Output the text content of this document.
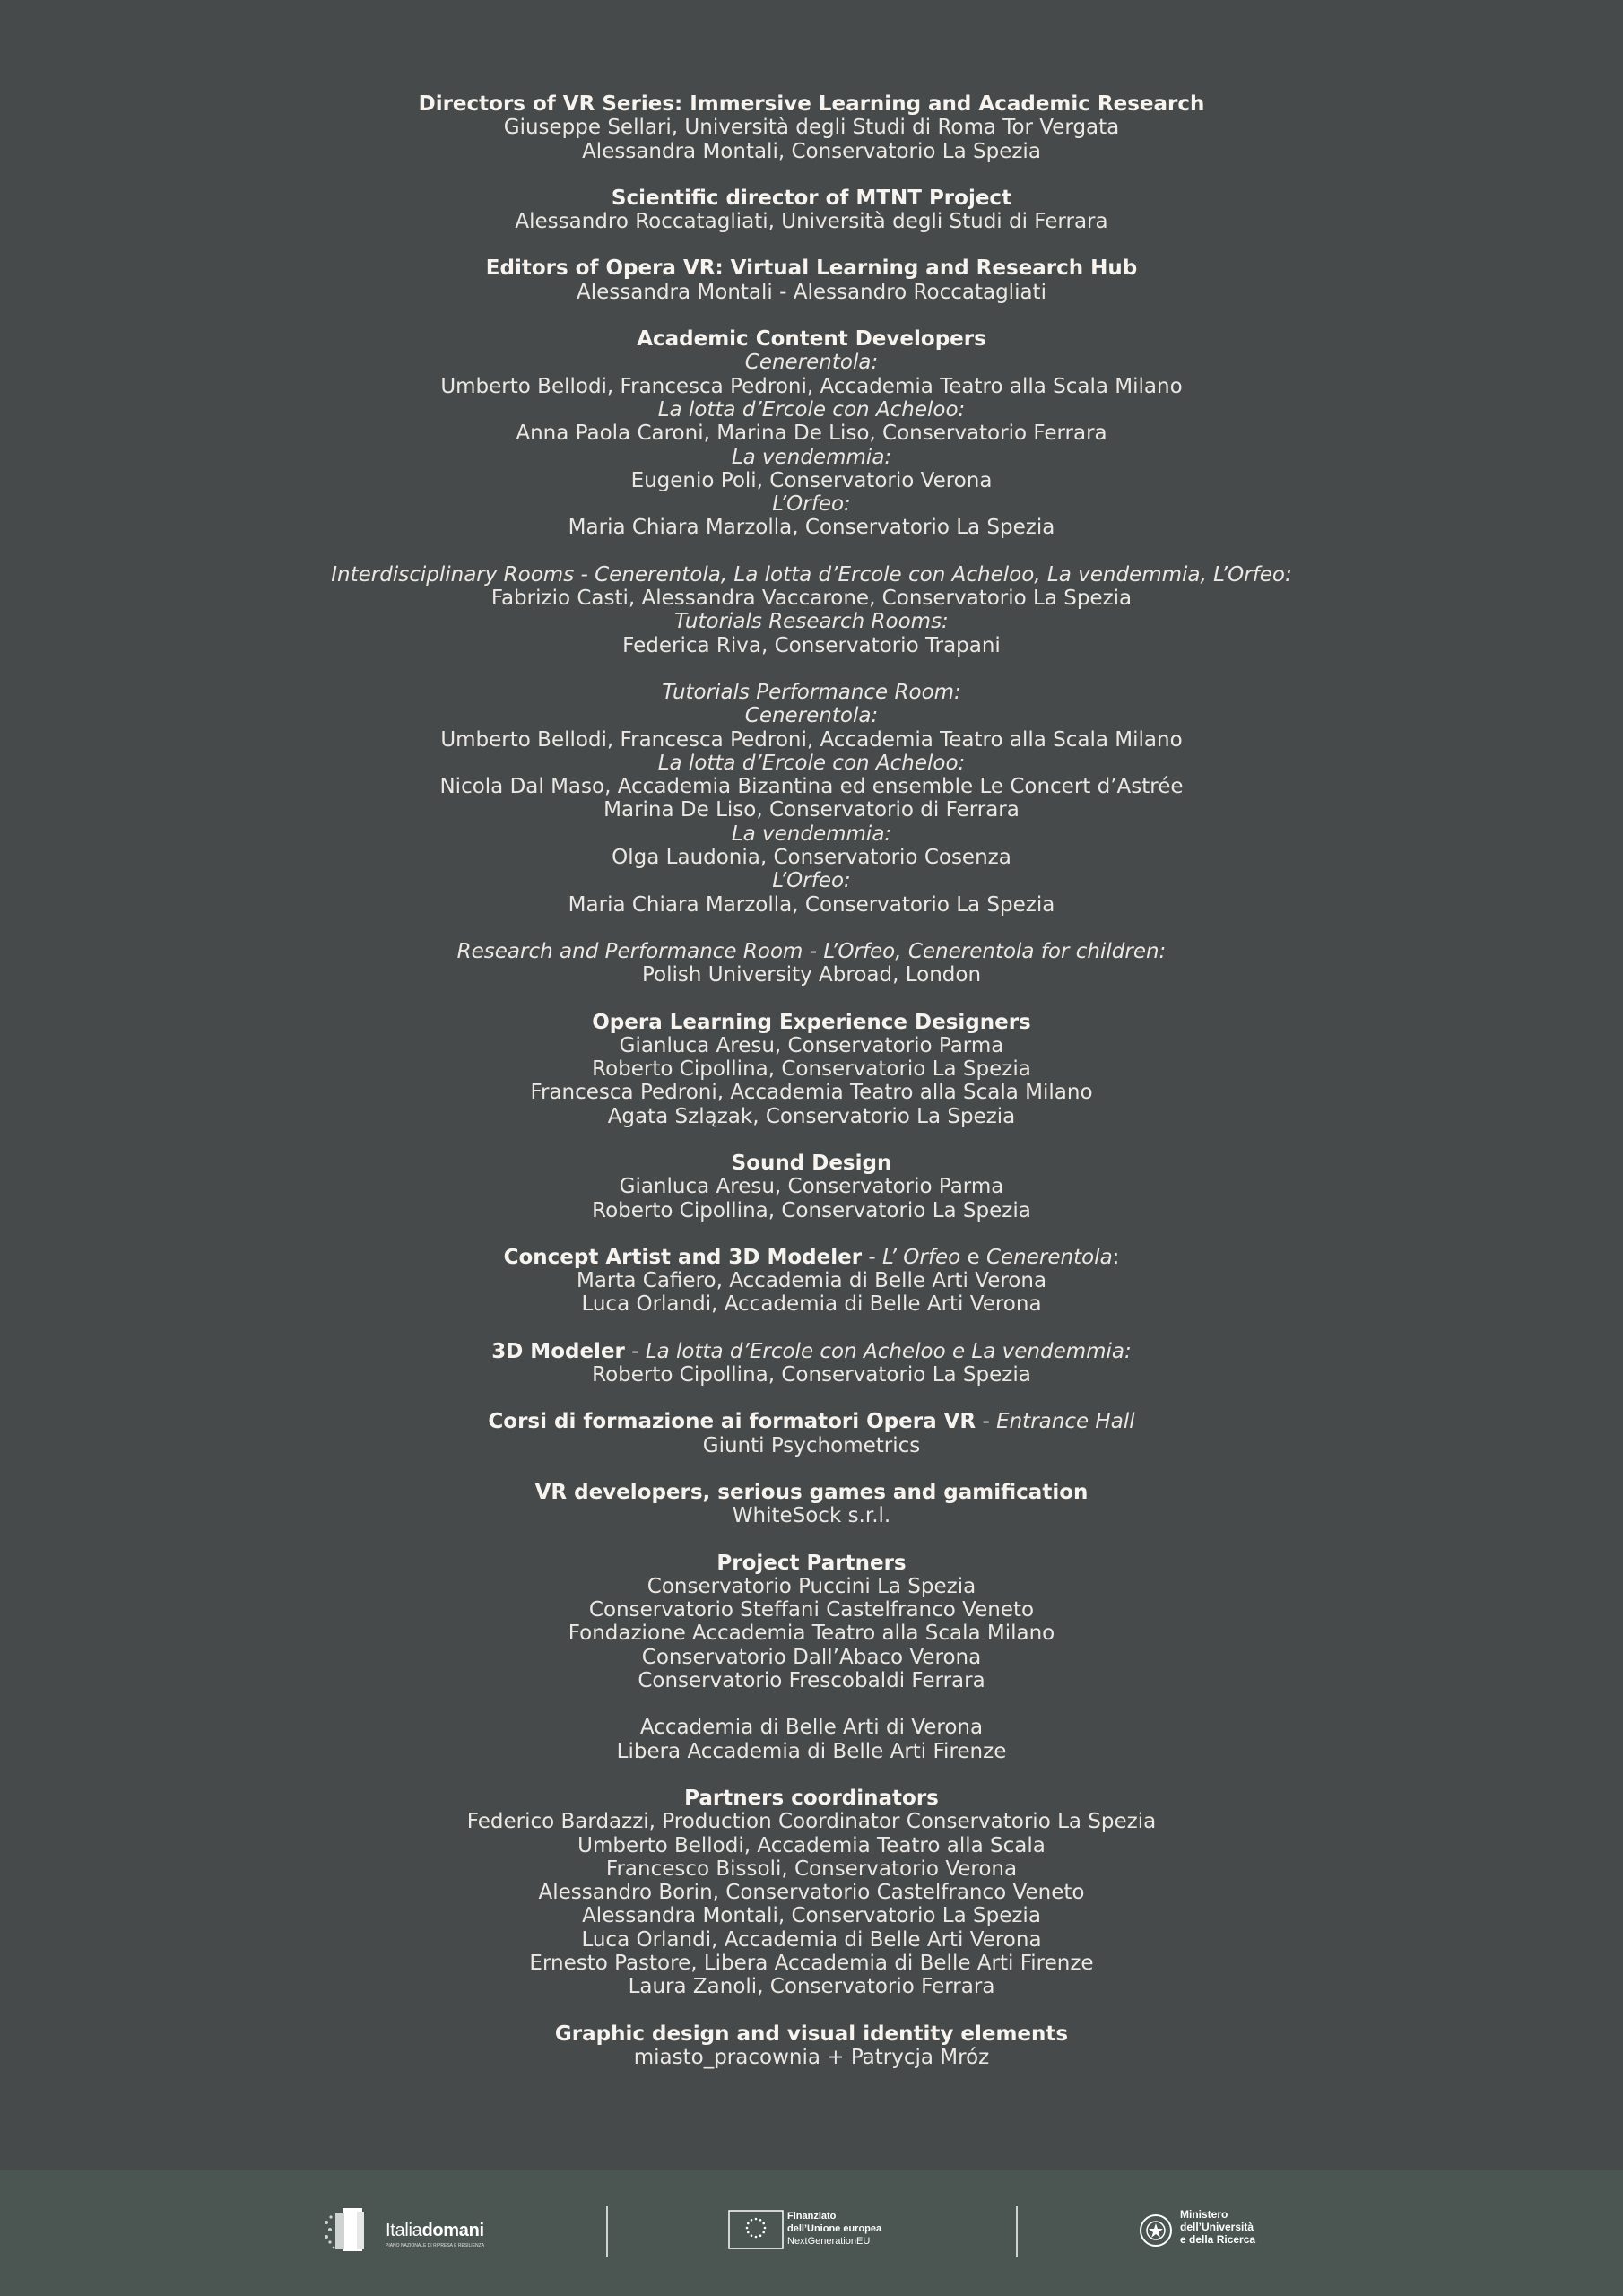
Directors of VR Series: Immersive Learning and Academic Research
Giuseppe Sellari, Università degli Studi di Roma Tor Vergata
Alessandra Montali, Conservatorio La Spezia
Scientific director of MTNT Project
Alessandro Roccatagliati, Università degli Studi di Ferrara
Editors of Opera VR: Virtual Learning and Research Hub
Alessandra Montali - Alessandro Roccatagliati
Academic Content Developers
Cenerentola:
Umberto Bellodi, Francesca Pedroni, Accademia Teatro alla Scala Milano
La lotta d’Ercole con Acheloo:
Anna Paola Caroni, Marina De Liso, Conservatorio Ferrara
La vendemmia:
Eugenio Poli, Conservatorio Verona
L’Orfeo:
Maria Chiara Marzolla, Conservatorio La Spezia
Interdisciplinary Rooms - Cenerentola, La lotta d’Ercole con Acheloo, La vendemmia, L’Orfeo:
Fabrizio Casti, Alessandra Vaccarone, Conservatorio La Spezia
Tutorials Research Rooms:
Federica Riva, Conservatorio Trapani
Tutorials Performance Room:
Cenerentola:
Umberto Bellodi, Francesca Pedroni, Accademia Teatro alla Scala Milano
La lotta d’Ercole con Acheloo:
Nicola Dal Maso, Accademia Bizantina ed ensemble Le Concert d’Astrée
Marina De Liso, Conservatorio di Ferrara
La vendemmia:
Olga Laudonia, Conservatorio Cosenza
L’Orfeo:
Maria Chiara Marzolla, Conservatorio La Spezia
Research and Performance Room - L’Orfeo, Cenerentola for children:
Polish University Abroad, London
Opera Learning Experience Designers
Gianluca Aresu, Conservatorio Parma
Roberto Cipollina, Conservatorio La Spezia
Francesca Pedroni, Accademia Teatro alla Scala Milano
Agata Szlązak, Conservatorio La Spezia
Sound Design
Gianluca Aresu, Conservatorio Parma
Roberto Cipollina, Conservatorio La Spezia
Concept Artist and 3D Modeler - L’ Orfeo e Cenerentola:
Marta Cafiero, Accademia di Belle Arti Verona
Luca Orlandi, Accademia di Belle Arti Verona
3D Modeler - La lotta d’Ercole con Acheloo e La vendemmia:
Roberto Cipollina, Conservatorio La Spezia
Corsi di formazione ai formatori Opera VR - Entrance Hall
Giunti Psychometrics
VR developers, serious games and gamification
WhiteSock s.r.l.
Project Partners
Conservatorio Puccini La Spezia
Conservatorio Steffani Castelfranco Veneto
Fondazione Accademia Teatro alla Scala Milano
Conservatorio Dall’Abaco Verona
Conservatorio Frescobaldi Ferrara
Accademia di Belle Arti di Verona
Libera Accademia di Belle Arti Firenze
Partners coordinators
Federico Bardazzi, Production Coordinator Conservatorio La Spezia
Umberto Bellodi, Accademia Teatro alla Scala
Francesco Bissoli, Conservatorio Verona
Alessandro Borin, Conservatorio Castelfranco Veneto
Alessandra Montali, Conservatorio La Spezia
Luca Orlandi, Accademia di Belle Arti Verona
Ernesto Pastore, Libera Accademia di Belle Arti Firenze
Laura Zanoli, Conservatorio Ferrara
Graphic design and visual identity elements
miasto_pracownia + Patrycja Mróz
Italiadomani
PIANO NAZIONALE DI RIPRESA E RESILIENZA
Finanziato
dell’Unione europea
NextGenerationEU
Ministero
dell’Università
e della Ricerca
